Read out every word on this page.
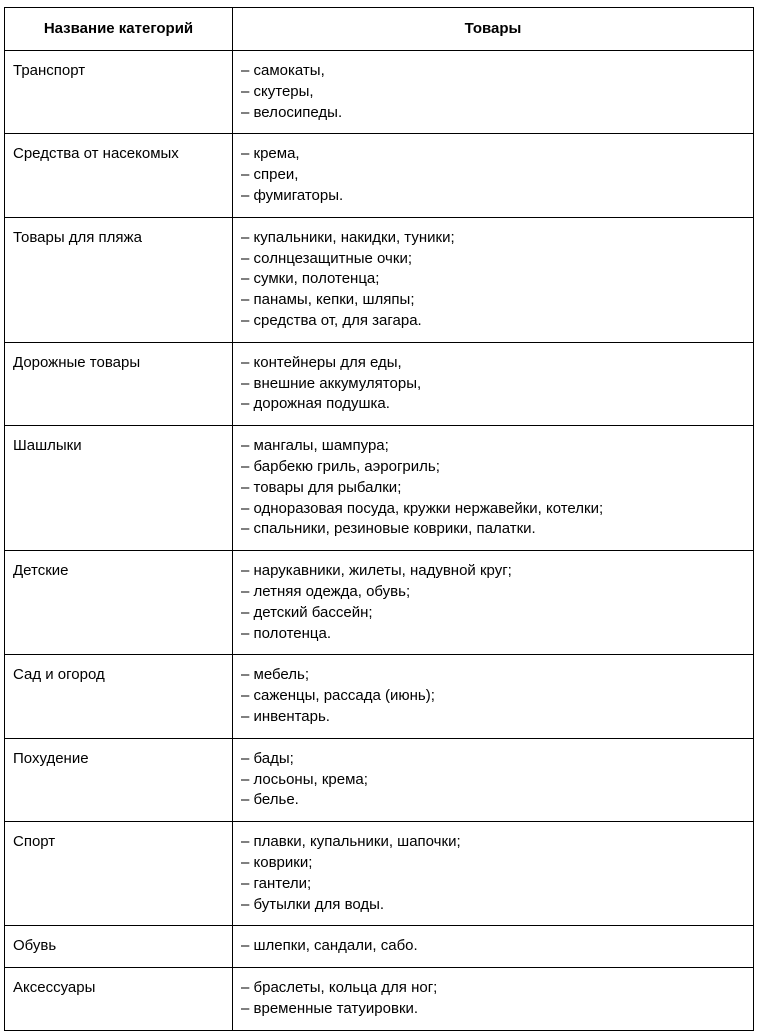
Название категорий	Товары
Транспорт	– самокаты,
– скутеры,
– велосипеды.

Средства от насекомых	– крема,
– спреи,
– фумигаторы.

Товары для пляжа	– купальники, накидки, туники;
– солнцезащитные очки;
– сумки, полотенца;
– панамы, кепки, шляпы;
– средства от, для загара.

Дорожные товары	– контейнеры для еды,
– внешние аккумуляторы,
– дорожная подушка.

Шашлыки	– мангалы, шампура;
– барбекю гриль, аэрогриль;
– товары для рыбалки;
– одноразовая посуда, кружки нержавейки, котелки;
– спальники, резиновые коврики, палатки.

Детские	– нарукавники, жилеты, надувной круг;
– летняя одежда, обувь;
– детский бассейн;
– полотенца.

Сад и огород	– мебель;
– саженцы, рассада (июнь);
– инвентарь.

Похудение	– бады;
– лосьоны, крема;
– белье.

Спорт	– плавки, купальники, шапочки;
– коврики;
– гантели;
– бутылки для воды.

Обувь	– шлепки, сандали, сабо.

Аксессуары	– браслеты, кольца для ног;
– временные татуировки.
